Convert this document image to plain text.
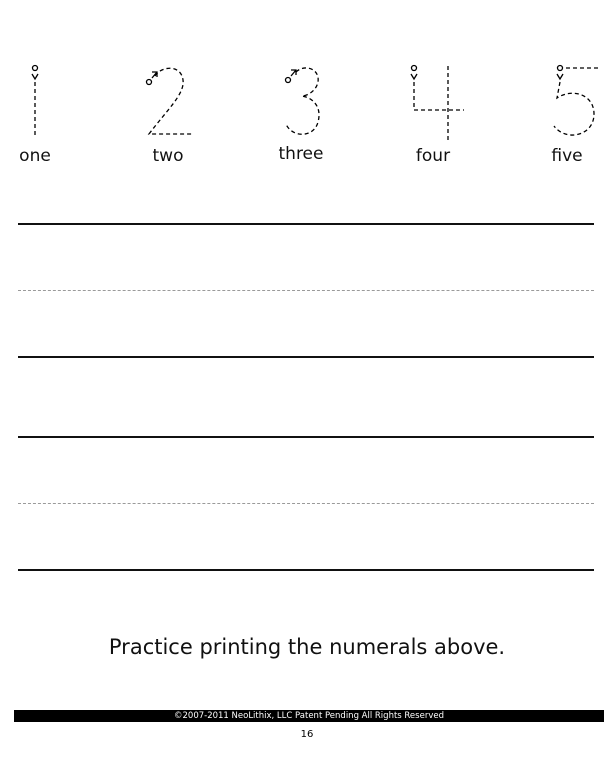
one	two	three	four	five
Practice printing the numerals above.
©2007-2011 NeoLithix, LLC Patent Pending All Rights Reserved
16
